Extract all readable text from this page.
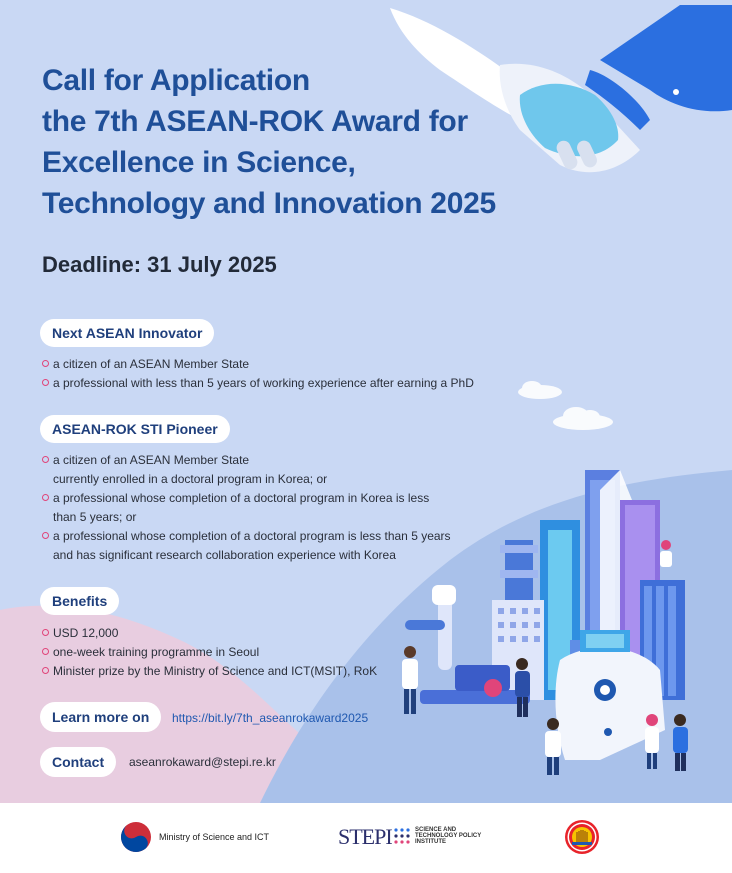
Call for Application
the 7th ASEAN-ROK Award for
Excellence in Science,
Technology and Innovation 2025
Deadline: 31 July 2025
Next ASEAN Innovator
a citizen of an ASEAN Member State
a professional with less than 5 years of working experience after earning a PhD
ASEAN-ROK STI Pioneer
a citizen of an ASEAN Member State
currently enrolled in a doctoral program in Korea; or
a professional whose completion of a doctoral program in Korea is less
than 5 years; or
a professional whose completion of a doctoral program is less than 5 years
and has significant research collaboration experience with Korea
Benefits
USD 12,000
one-week training programme in Seoul
Minister prize by the Ministry of Science and ICT(MSIT), RoK
Learn more on	https://bit.ly/7th_aseanrokaward2025
Contact	aseanrokaward@stepi.re.kr
Ministry of Science and ICT	STEPI	SCIENCE AND
TECHNOLOGY POLICY
INSTITUTE
